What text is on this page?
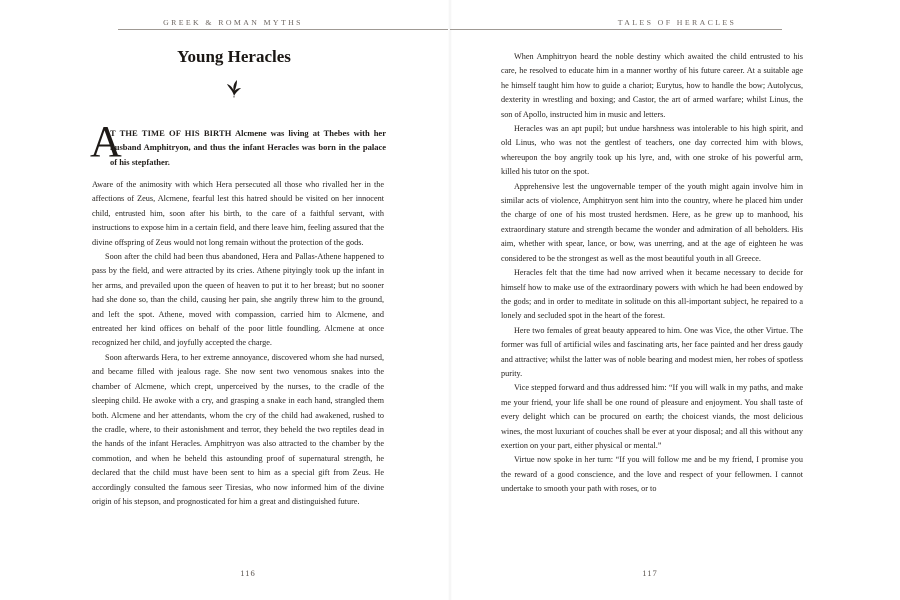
GREEK & ROMAN MYTHS
Young Heracles
A
T THE TIME OF HIS BIRTH Alcmene was living at Thebes with her husband Amphitryon, and thus the infant Heracles was born in the palace of his stepfather.

Aware of the animosity with which Hera persecuted all those who rivalled her in the affections of Zeus, Alcmene, fearful lest this hatred should be visited on her innocent child, entrusted him, soon after his birth, to the care of a faithful servant, with instructions to expose him in a certain field, and there leave him, feeling assured that the divine offspring of Zeus would not long remain without the protection of the gods.

Soon after the child had been thus abandoned, Hera and Pallas-Athene happened to pass by the field, and were attracted by its cries. Athene pityingly took up the infant in her arms, and prevailed upon the queen of heaven to put it to her breast; but no sooner had she done so, than the child, causing her pain, she angrily threw him to the ground, and left the spot. Athene, moved with compassion, carried him to Alcmene, and entreated her kind offices on behalf of the poor little foundling. Alcmene at once recognized her child, and joyfully accepted the charge.

Soon afterwards Hera, to her extreme annoyance, discovered whom she had nursed, and became filled with jealous rage. She now sent two venomous snakes into the chamber of Alcmene, which crept, unperceived by the nurses, to the cradle of the sleeping child. He awoke with a cry, and grasping a snake in each hand, strangled them both. Alcmene and her attendants, whom the cry of the child had awakened, rushed to the cradle, where, to their astonishment and terror, they beheld the two reptiles dead in the hands of the infant Heracles. Amphitryon was also attracted to the chamber by the commotion, and when he beheld this astounding proof of supernatural strength, he declared that the child must have been sent to him as a special gift from Zeus. He accordingly consulted the famous seer Tiresias, who now informed him of the divine origin of his stepson, and prognosticated for him a great and distinguished future.

116
TALES OF HERACLES

When Amphitryon heard the noble destiny which awaited the child entrusted to his care, he resolved to educate him in a manner worthy of his future career. At a suitable age he himself taught him how to guide a chariot; Eurytus, how to handle the bow; Autolycus, dexterity in wrestling and boxing; and Castor, the art of armed warfare; whilst Linus, the son of Apollo, instructed him in music and letters.

Heracles was an apt pupil; but undue harshness was intolerable to his high spirit, and old Linus, who was not the gentlest of teachers, one day corrected him with blows, whereupon the boy angrily took up his lyre, and, with one stroke of his powerful arm, killed his tutor on the spot.

Apprehensive lest the ungovernable temper of the youth might again involve him in similar acts of violence, Amphitryon sent him into the country, where he placed him under the charge of one of his most trusted herdsmen. Here, as he grew up to manhood, his extraordinary stature and strength became the wonder and admiration of all beholders. His aim, whether with spear, lance, or bow, was unerring, and at the age of eighteen he was considered to be the strongest as well as the most beautiful youth in all Greece.

Heracles felt that the time had now arrived when it became necessary to decide for himself how to make use of the extraordinary powers with which he had been endowed by the gods; and in order to meditate in solitude on this all-important subject, he repaired to a lonely and secluded spot in the heart of the forest.

Here two females of great beauty appeared to him. One was Vice, the other Virtue. The former was full of artificial wiles and fascinating arts, her face painted and her dress gaudy and attractive; whilst the latter was of noble bearing and modest mien, her robes of spotless purity.

Vice stepped forward and thus addressed him: “If you will walk in my paths, and make me your friend, your life shall be one round of pleasure and enjoyment. You shall taste of every delight which can be procured on earth; the choicest viands, the most delicious wines, the most luxuriant of couches shall be ever at your disposal; and all this without any exertion on your part, either physical or mental.”

Virtue now spoke in her turn: “If you will follow me and be my friend, I promise you the reward of a good conscience, and the love and respect of your fellowmen. I cannot undertake to smooth your path with roses, or to

117
